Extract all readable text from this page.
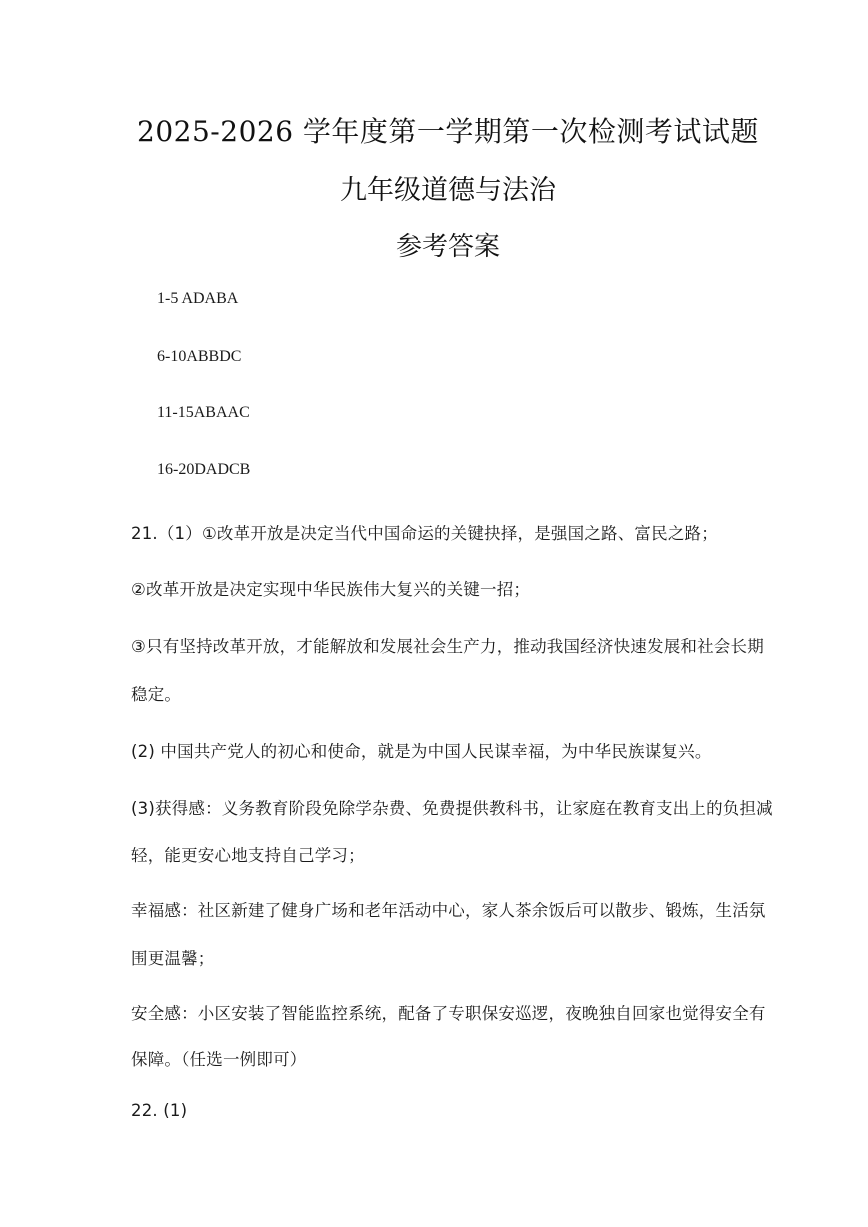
2025-2026 学年度第一学期第一次检测考试试题
九年级道德与法治
参考答案
1-5 ADABA
6-10ABBDC
11-15ABAAC
16-20DADCB
21.（1）①改革开放是决定当代中国命运的关键抉择，是强国之路、富民之路；
②改革开放是决定实现中华民族伟大复兴的关键一招；
③只有坚持改革开放，才能解放和发展社会生产力，推动我国经济快速发展和社会长期
稳定。
(2) 中国共产党人的初心和使命，就是为中国人民谋幸福，为中华民族谋复兴。
(3)获得感：义务教育阶段免除学杂费、免费提供教科书，让家庭在教育支出上的负担减
轻，能更安心地支持自己学习；
幸福感：社区新建了健身广场和老年活动中心，家人茶余饭后可以散步、锻炼，生活氛
围更温馨；
安全感：小区安装了智能监控系统，配备了专职保安巡逻，夜晚独自回家也觉得安全有
保障。（任选一例即可）
22. (1)
